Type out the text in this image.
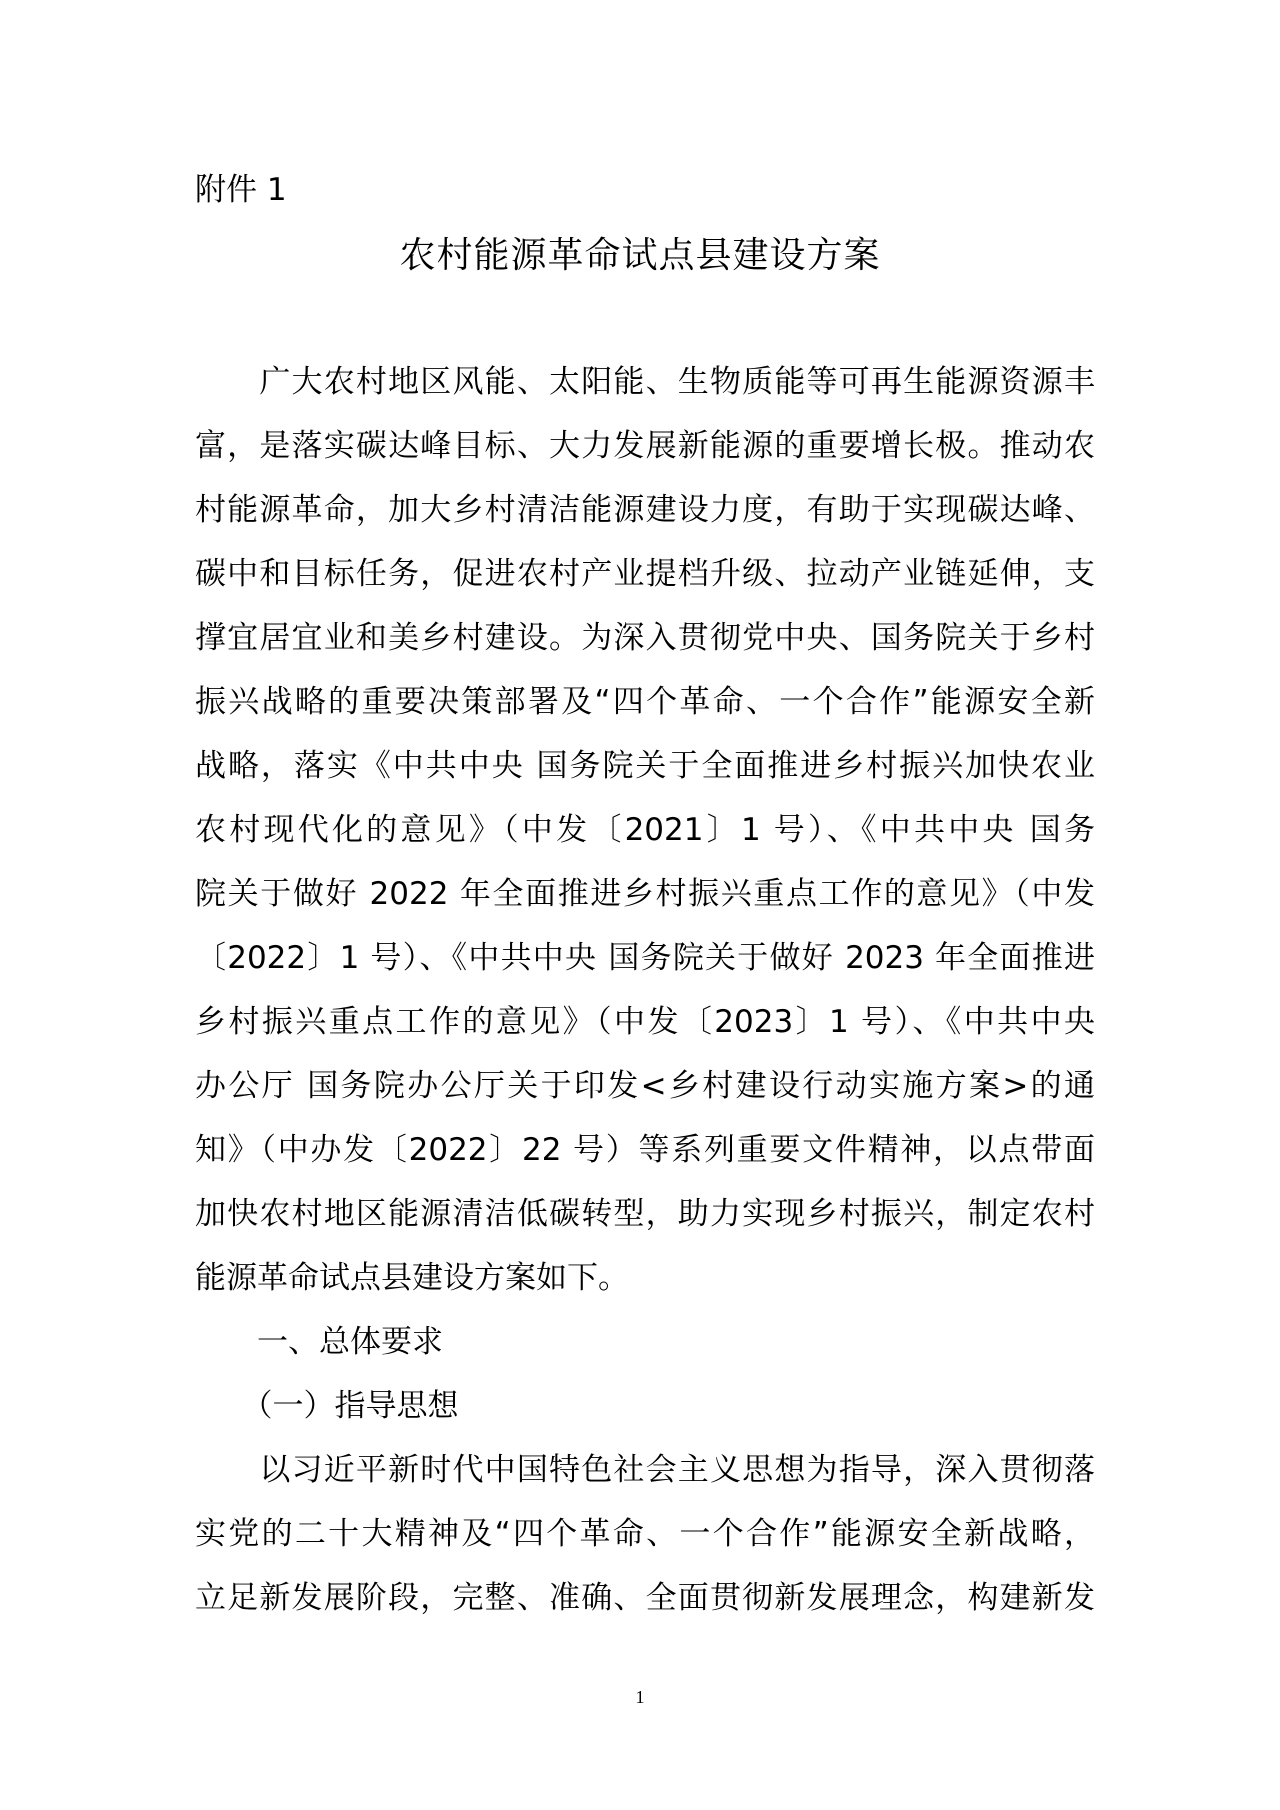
附件 1
农村能源革命试点县建设方案
　　广大农村地区风能、太阳能、生物质能等可再生能源资源丰
富，是落实碳达峰目标、大力发展新能源的重要增长极。推动农
村能源革命，加大乡村清洁能源建设力度，有助于实现碳达峰、
碳中和目标任务，促进农村产业提档升级、拉动产业链延伸，支
撑宜居宜业和美乡村建设。为深入贯彻党中央、国务院关于乡村
振兴战略的重要决策部署及“四个革命、一个合作”能源安全新
战略，落实《中共中央 国务院关于全面推进乡村振兴加快农业
农村现代化的意见》（中发〔2021〕1 号）、《中共中央 国务
院关于做好 2022 年全面推进乡村振兴重点工作的意见》（中发
〔2022〕1 号）、《中共中央 国务院关于做好 2023 年全面推进
乡村振兴重点工作的意见》（中发〔2023〕1 号）、《中共中央
办公厅 国务院办公厅关于印发<乡村建设行动实施方案>的通
知》（中办发〔2022〕22 号）等系列重要文件精神，以点带面
加快农村地区能源清洁低碳转型，助力实现乡村振兴，制定农村
能源革命试点县建设方案如下。
　　一、总体要求
　　（一）指导思想
　　以习近平新时代中国特色社会主义思想为指导，深入贯彻落
实党的二十大精神及“四个革命、一个合作”能源安全新战略，
立足新发展阶段，完整、准确、全面贯彻新发展理念，构建新发
1
